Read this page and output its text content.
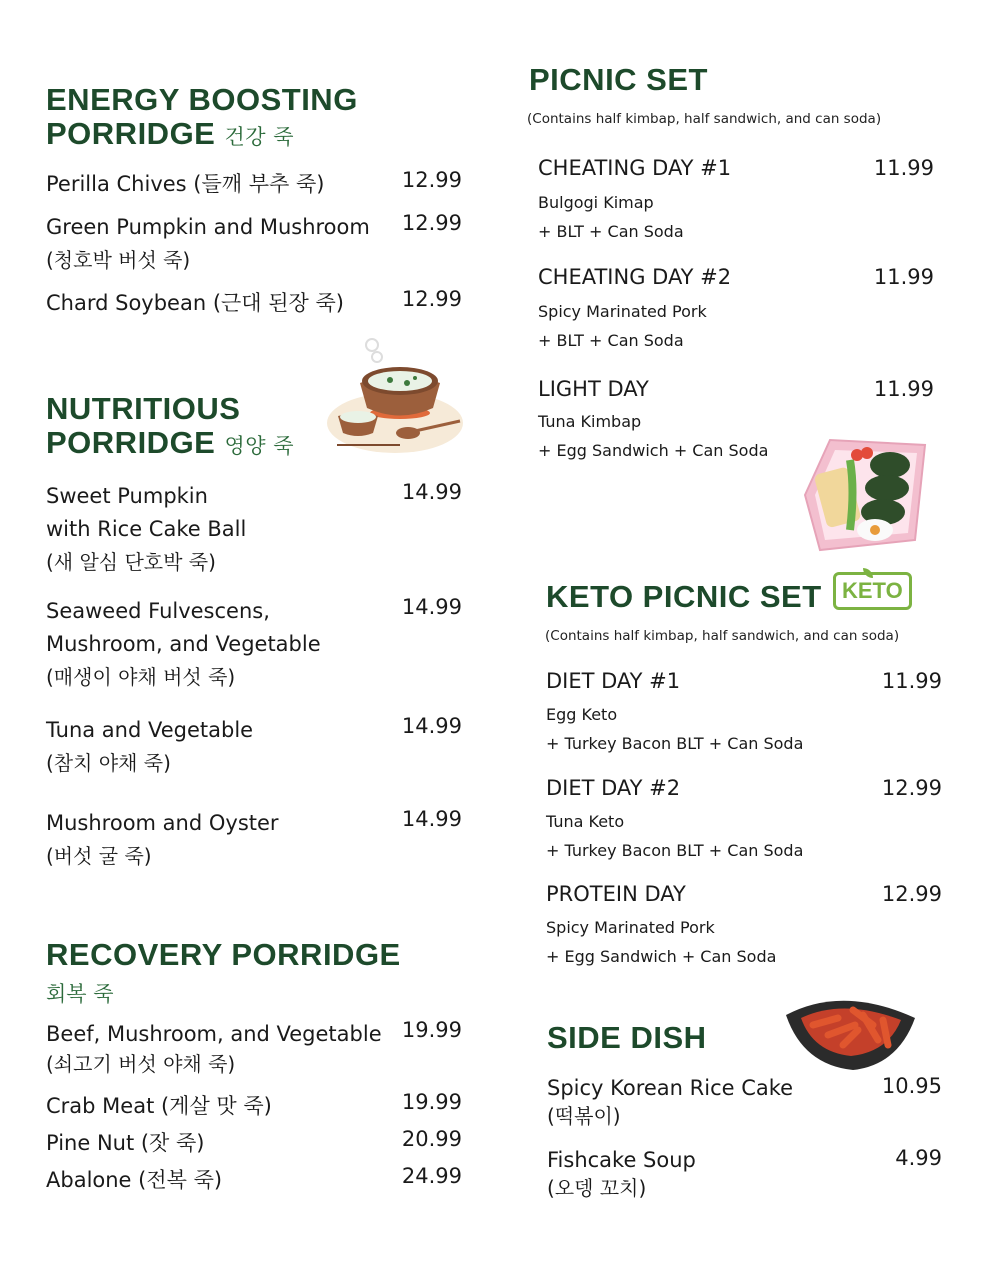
ENERGY BOOSTING
PORRIDGE 건강 죽
Perilla Chives (들깨 부추 죽)	12.99
Green Pumpkin and Mushroom
(청호박 버섯 죽)
12.99
Chard Soybean (근대 된장 죽)	12.99
NUTRITIOUS
PORRIDGE 영양 죽
Sweet Pumpkin
with Rice Cake Ball
(새 알심 단호박 죽)
14.99
Seaweed Fulvescens,
Mushroom, and Vegetable
(매생이 야채 버섯 죽)
14.99
Tuna and Vegetable
(참치 야채 죽)
14.99
Mushroom and Oyster
(버섯 굴 죽)
14.99
RECOVERY PORRIDGE
회복 죽
Beef, Mushroom, and Vegetable
(쇠고기 버섯 야채 죽)
19.99
Crab Meat (게살 맛 죽)	19.99
Pine Nut (잣 죽)	20.99
Abalone (전복 죽)	24.99
PICNIC SET
(Contains half kimbap, half sandwich, and can soda)
CHEATING DAY #1	11.99
Bulgogi Kimap
+ BLT + Can Soda
CHEATING DAY #2	11.99
Spicy Marinated Pork
+ BLT + Can Soda
LIGHT DAY	11.99
Tuna Kimbap
+ Egg Sandwich + Can Soda
KETO PICNIC SET KETO
(Contains half kimbap, half sandwich, and can soda)
DIET DAY #1	11.99
Egg Keto
+ Turkey Bacon BLT + Can Soda
DIET DAY #2	12.99
Tuna Keto
+ Turkey Bacon BLT + Can Soda
PROTEIN DAY	12.99
Spicy Marinated Pork
+ Egg Sandwich + Can Soda
SIDE DISH
Spicy Korean Rice Cake
(떡볶이)
10.95
Fishcake Soup
(오뎅 꼬치)
4.99
